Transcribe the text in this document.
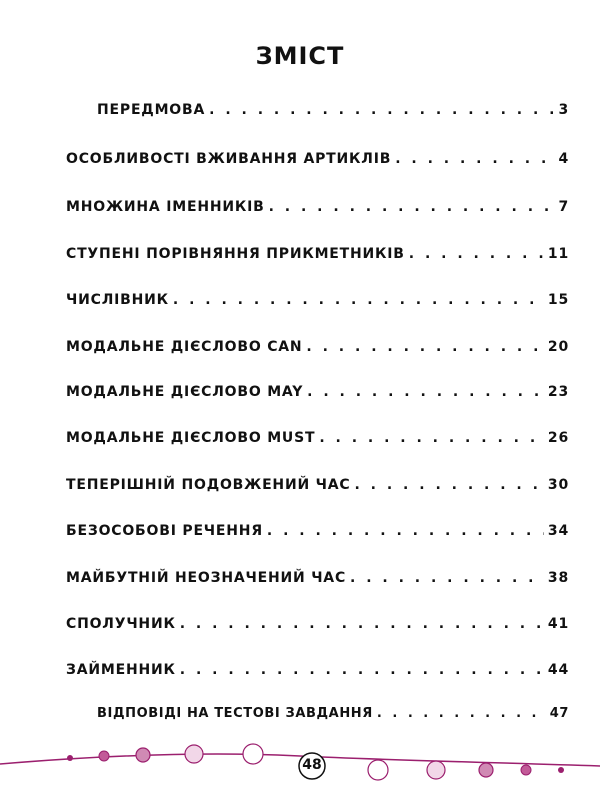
ЗМІСТ
ПЕРЕДМОВА . . .	3
ОСОБЛИВОСТІ ВЖИВАННЯ АРТИКЛІВ . . .	4
МНОЖИНА ІМЕННИКІВ . . .	7
СТУПЕНІ ПОРІВНЯННЯ ПРИКМЕТНИКІВ . . .	11
ЧИСЛІВНИК . . .	15
МОДАЛЬНЕ ДІЄСЛОВО CAN . . .	20
МОДАЛЬНЕ ДІЄСЛОВО MAY . . .	23
МОДАЛЬНЕ ДІЄСЛОВО MUST . . .	26
ТЕПЕРІШНІЙ ПОДОВЖЕНИЙ ЧАС . . .	30
БЕЗОСОБОВІ РЕЧЕННЯ . . .	34
МАЙБУТНІЙ НЕОЗНАЧЕНИЙ ЧАС . . .	38
СПОЛУЧНИК . . .	41
ЗАЙМЕННИК . . .	44
ВІДПОВІДІ НА ТЕСТОВІ ЗАВДАННЯ . . .	47
48
